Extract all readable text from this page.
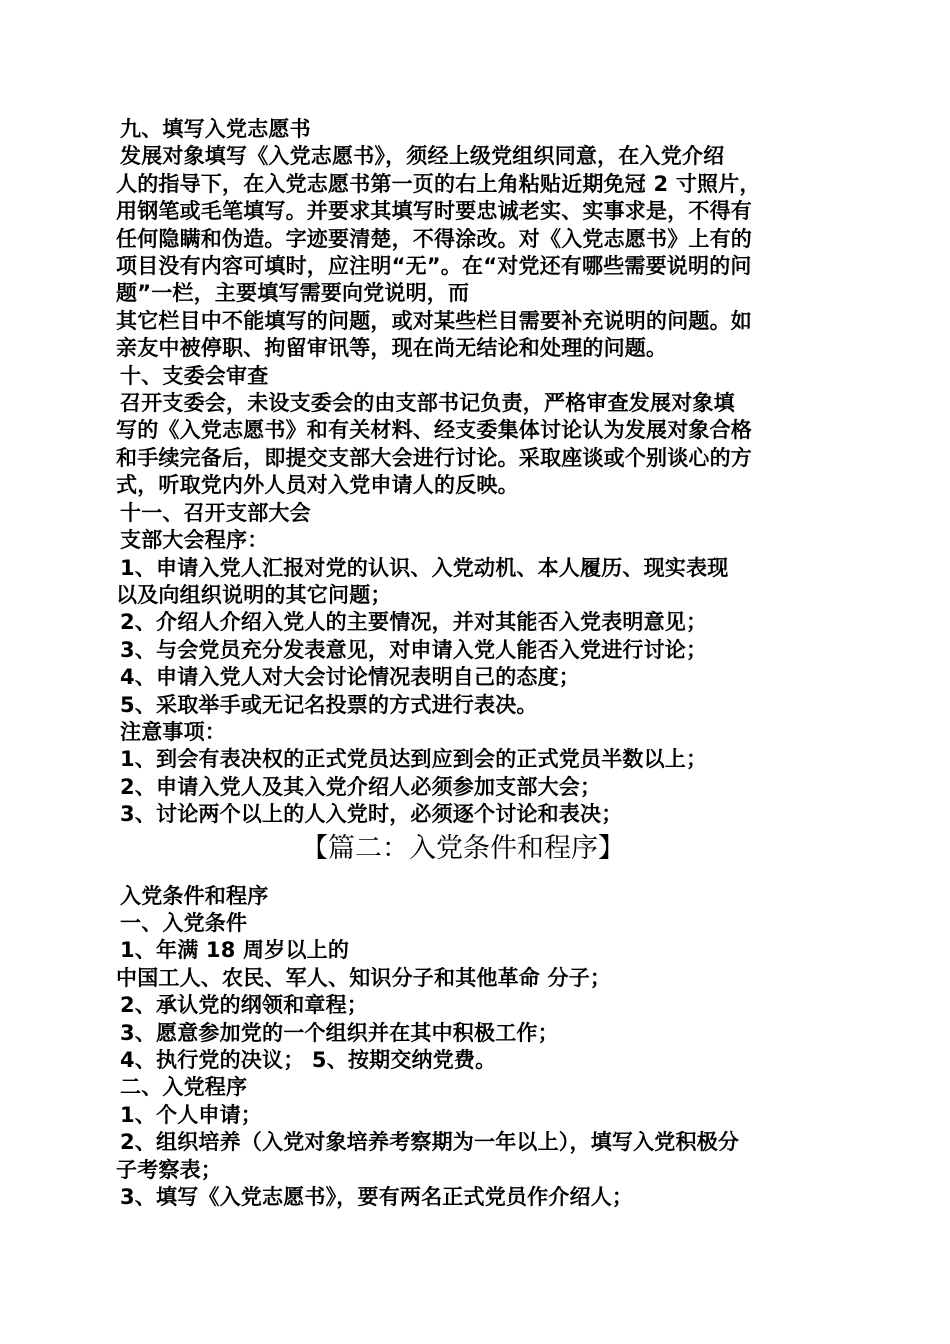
九、填写入党志愿书
发展对象填写《入党志愿书》，须经上级党组织同意，在入党介绍
人的指导下，在入党志愿书第一页的右上角粘贴近期免冠 2 寸照片，
用钢笔或毛笔填写。并要求其填写时要忠诚老实、实事求是，不得有
任何隐瞒和伪造。字迹要清楚，不得涂改。对《入党志愿书》上有的
项目没有内容可填时，应注明“无”。在“对党还有哪些需要说明的问
题”一栏，主要填写需要向党说明，而
其它栏目中不能填写的问题，或对某些栏目需要补充说明的问题。如
亲友中被停职、拘留审讯等，现在尚无结论和处理的问题。
十、支委会审查
召开支委会，未设支委会的由支部书记负责，严格审查发展对象填
写的《入党志愿书》和有关材料、经支委集体讨论认为发展对象合格
和手续完备后，即提交支部大会进行讨论。采取座谈或个别谈心的方
式，听取党内外人员对入党申请人的反映。
十一、召开支部大会
支部大会程序：
1、申请入党人汇报对党的认识、入党动机、本人履历、现实表现
以及向组织说明的其它问题；
2、介绍人介绍入党人的主要情况，并对其能否入党表明意见；
3、与会党员充分发表意见，对申请入党人能否入党进行讨论；
4、申请入党人对大会讨论情况表明自己的态度；
5、采取举手或无记名投票的方式进行表决。
注意事项：
1、到会有表决权的正式党员达到应到会的正式党员半数以上；
2、申请入党人及其入党介绍人必须参加支部大会；
3、讨论两个以上的人入党时，必须逐个讨论和表决；
【篇二：入党条件和程序】
入党条件和程序
一、入党条件
1、年满 18 周岁以上的
中国工人、农民、军人、知识分子和其他革命 分子；
2、承认党的纲领和章程；
3、愿意参加党的一个组织并在其中积极工作；
4、执行党的决议； 5、按期交纳党费。
二、入党程序
1、个人申请；
2、组织培养（入党对象培养考察期为一年以上），填写入党积极分
子考察表；
3、填写《入党志愿书》，要有两名正式党员作介绍人；
